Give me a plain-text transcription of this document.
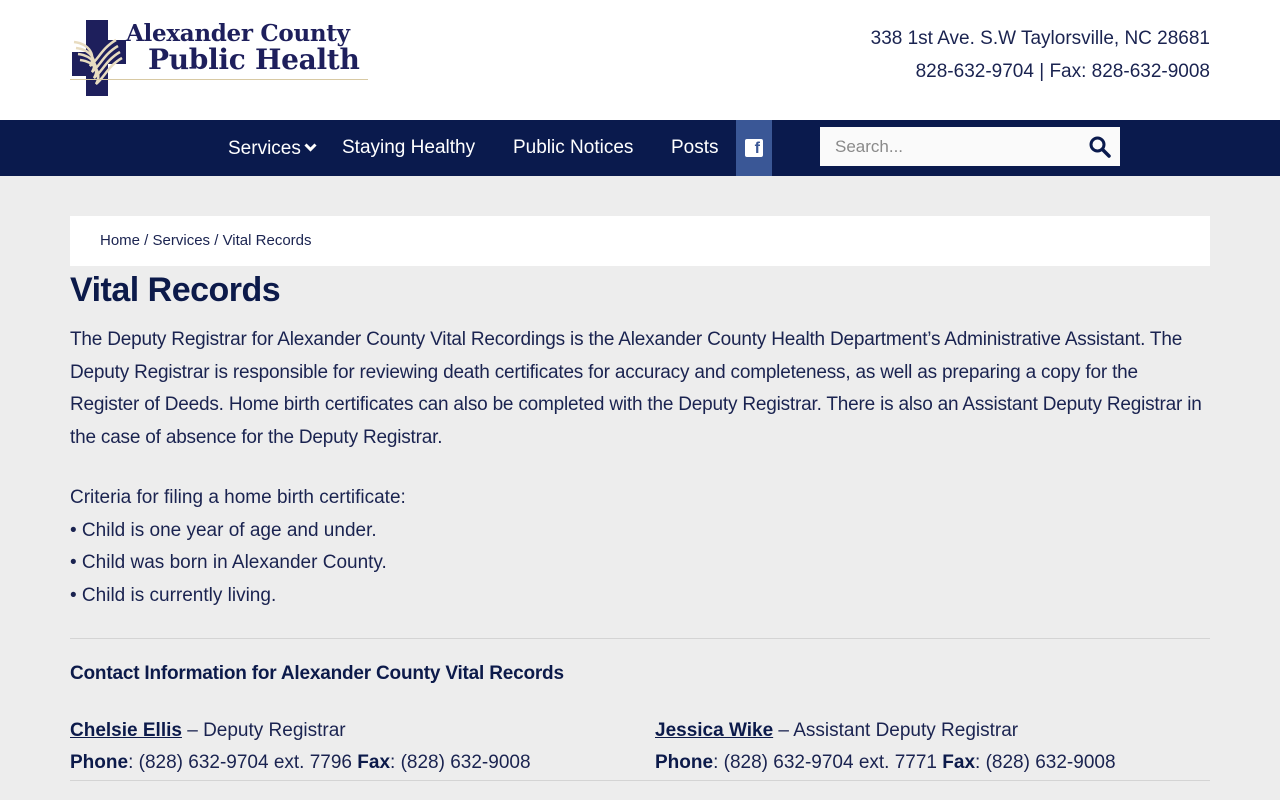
Alexander County
Public Health
338 1st Ave. S.W Taylorsville, NC 28681
828-632-9704 | Fax: 828-632-9008
Services	Staying Healthy Public Notices Posts	f
Search...
Home / Services / Vital Records
Vital Records

The Deputy Registrar for Alexander County Vital Recordings is the Alexander County Health Department’s Administrative Assistant. The Deputy Registrar is responsible for reviewing death certificates for accuracy and completeness, as well as preparing a copy for the Register of Deeds. Home birth certificates can also be completed with the Deputy Registrar. There is also an Assistant Deputy Registrar in the case of absence for the Deputy Registrar.

Criteria for filing a home birth certificate:
• Child is one year of age and under.
• Child was born in Alexander County.
• Child is currently living.
Contact Information for Alexander County Vital Records
Chelsie Ellis – Deputy Registrar
Phone: (828) 632-9704 ext. 7796 Fax: (828) 632-9008
Jessica Wike – Assistant Deputy Registrar
Phone: (828) 632-9704 ext. 7771 Fax: (828) 632-9008
